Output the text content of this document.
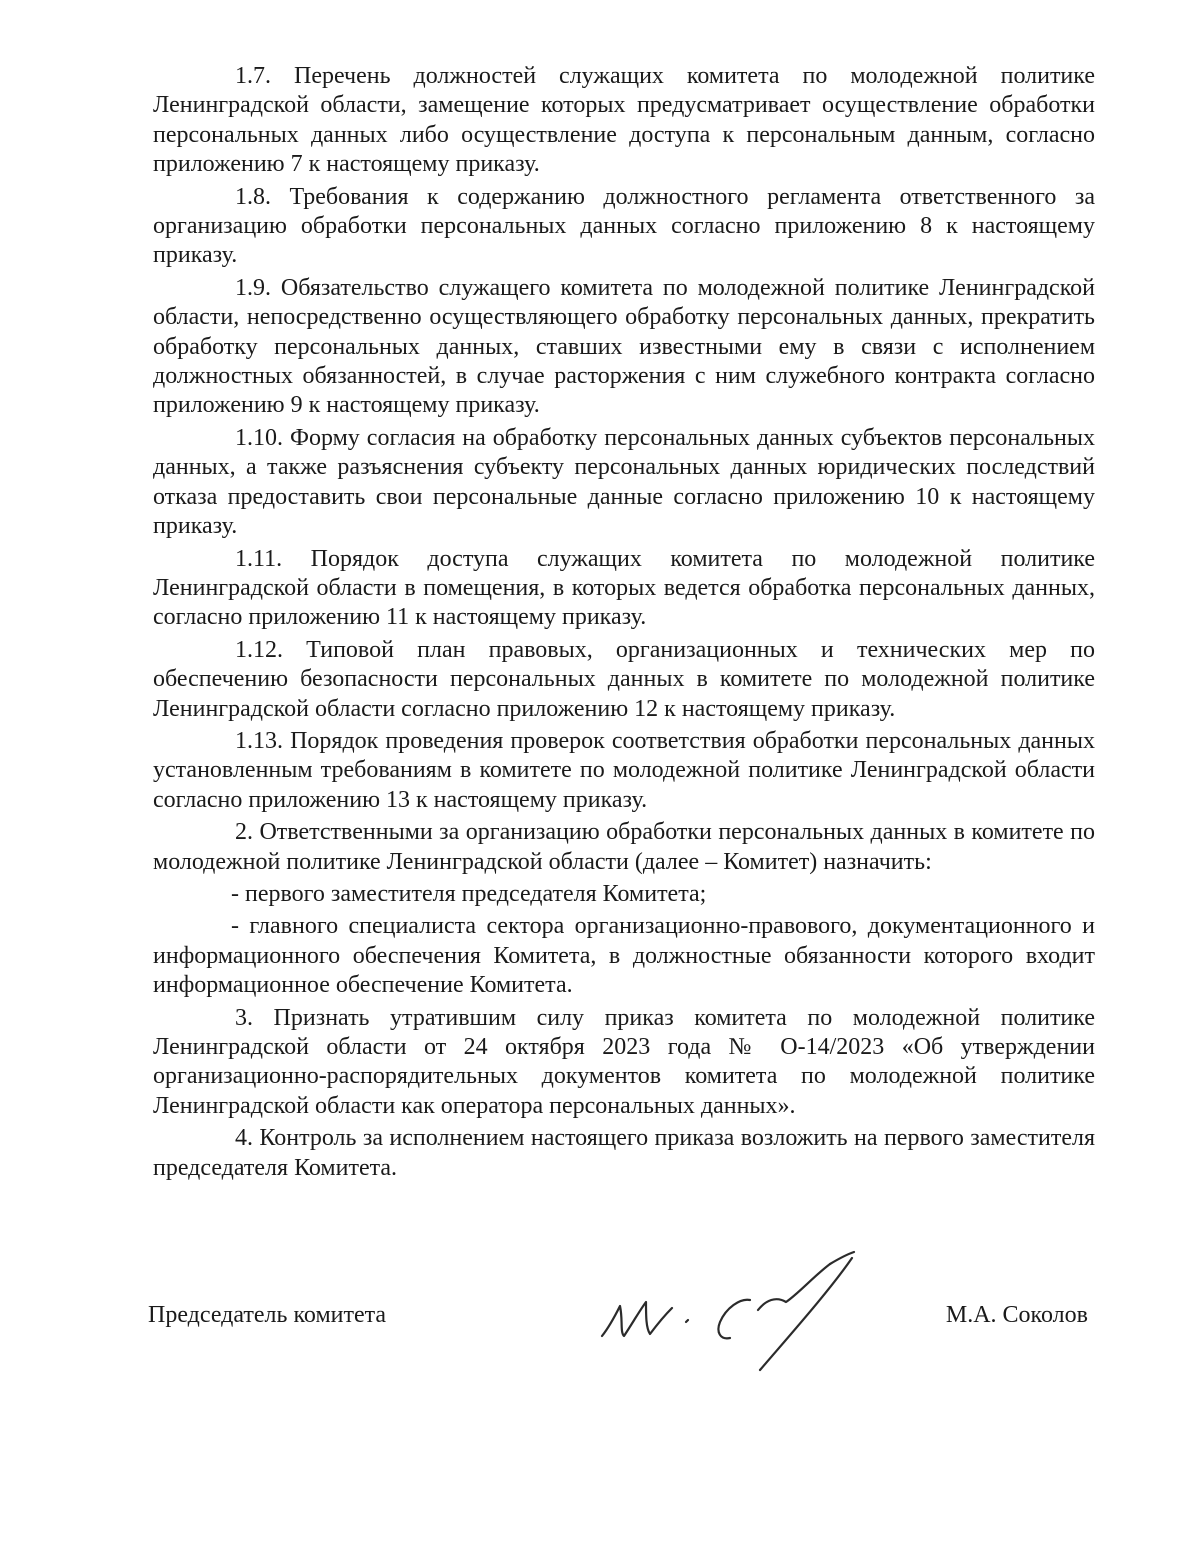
1.7. Перечень должностей служащих комитета по молодежной политике Ленинградской области, замещение которых предусматривает осуществление обработки персональных данных либо осуществление доступа к персональным данным, согласно приложению 7 к настоящему приказу.

1.8. Требования к содержанию должностного регламента ответственного за организацию обработки персональных данных согласно приложению 8 к настоящему приказу.

1.9. Обязательство служащего комитета по молодежной политике Ленинградской области, непосредственно осуществляющего обработку персональных данных, прекратить обработку персональных данных, ставших известными ему в связи с исполнением должностных обязанностей, в случае расторжения с ним служебного контракта согласно приложению 9 к настоящему приказу.

1.10. Форму согласия на обработку персональных данных субъектов персональных данных, а также разъяснения субъекту персональных данных юридических последствий отказа предоставить свои персональные данные согласно приложению 10 к настоящему приказу.

1.11. Порядок доступа служащих комитета по молодежной политике Ленинградской области в помещения, в которых ведется обработка персональных данных, согласно приложению 11 к настоящему приказу.

1.12. Типовой план правовых, организационных и технических мер по обеспечению безопасности персональных данных в комитете по молодежной политике Ленинградской области согласно приложению 12 к настоящему приказу.

1.13. Порядок проведения проверок соответствия обработки персональных данных установленным требованиям в комитете по молодежной политике Ленинградской области согласно приложению 13 к настоящему приказу.

2. Ответственными за организацию обработки персональных данных в комитете по молодежной политике Ленинградской области (далее – Комитет) назначить:

- первого заместителя председателя Комитета;

- главного специалиста сектора организационно-правового, документационного и информационного обеспечения Комитета, в должностные обязанности которого входит информационное обеспечение Комитета.

3. Признать утратившим силу приказ комитета по молодежной политике Ленинградской области от 24 октября 2023 года № О-14/2023 «Об утверждении организационно-распорядительных документов комитета по молодежной политике Ленинградской области как оператора персональных данных».

4. Контроль за исполнением настоящего приказа возложить на первого заместителя председателя Комитета.

Председатель комитета	М.А. Соколов
